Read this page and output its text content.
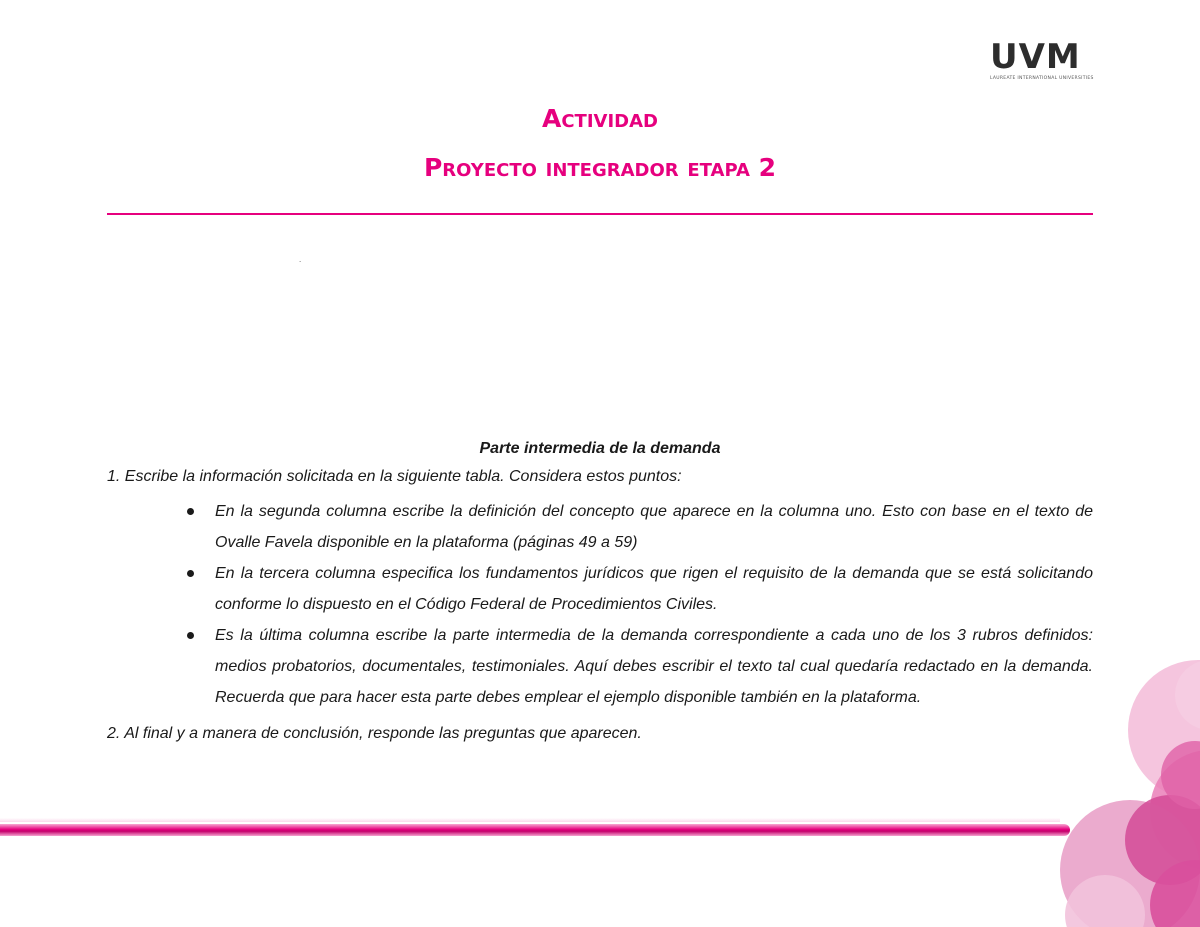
UVM
LAUREATE INTERNATIONAL UNIVERSITIES
Actividad
Proyecto integrador etapa 2
.

Parte intermedia de la demanda

1. Escribe la información solicitada en la siguiente tabla. Considera estos puntos:

En la segunda columna escribe la definición del concepto que aparece en la columna uno. Esto con base en el texto de Ovalle Favela disponible en la plataforma (páginas 49 a 59)
En la tercera columna especifica los fundamentos jurídicos que rigen el requisito de la demanda que se está solicitando conforme lo dispuesto en el Código Federal de Procedimientos Civiles.
Es la última columna escribe la parte intermedia de la demanda correspondiente a cada uno de los 3 rubros definidos: medios probatorios, documentales, testimoniales. Aquí debes escribir el texto tal cual quedaría redactado en la demanda. Recuerda que para hacer esta parte debes emplear el ejemplo disponible también en la plataforma.

2. Al final y a manera de conclusión, responde las preguntas que aparecen.
